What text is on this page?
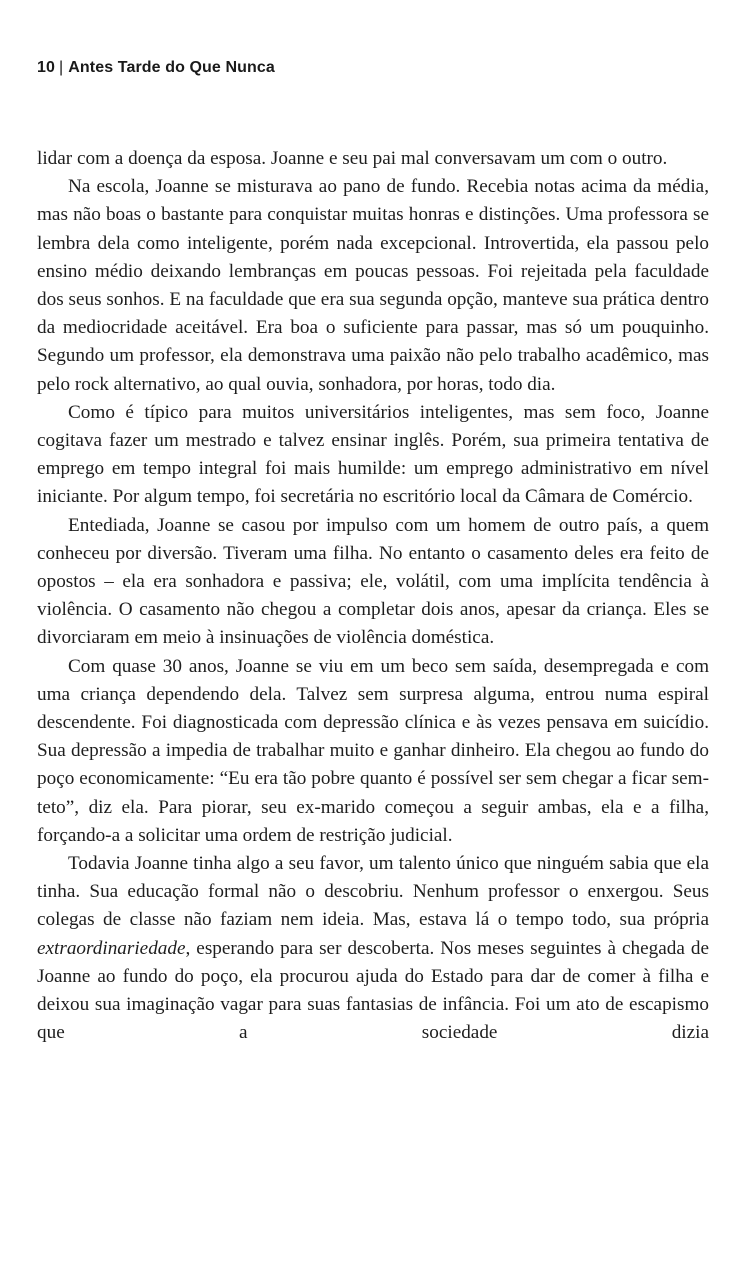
10 | Antes Tarde do Que Nunca

lidar com a doença da esposa. Joanne e seu pai mal conversavam um com o outro.

Na escola, Joanne se misturava ao pano de fundo. Recebia notas acima da média, mas não boas o bastante para conquistar muitas honras e distinções. Uma professora se lembra dela como inteligente, porém nada excepcional. Introvertida, ela passou pelo ensino médio deixando lembranças em poucas pessoas. Foi rejeitada pela faculdade dos seus sonhos. E na faculdade que era sua segunda opção, manteve sua prática dentro da mediocridade aceitável. Era boa o suficiente para passar, mas só um pouquinho. Segundo um professor, ela demonstrava uma paixão não pelo trabalho acadêmico, mas pelo rock alternativo, ao qual ouvia, sonhadora, por horas, todo dia.

Como é típico para muitos universitários inteligentes, mas sem foco, Joanne cogitava fazer um mestrado e talvez ensinar inglês. Porém, sua primeira tentativa de emprego em tempo integral foi mais humilde: um emprego administrativo em nível iniciante. Por algum tempo, foi secretária no escritório local da Câmara de Comércio.

Entediada, Joanne se casou por impulso com um homem de outro país, a quem conheceu por diversão. Tiveram uma filha. No entanto o casamento deles era feito de opostos – ela era sonhadora e passiva; ele, volátil, com uma implícita tendência à violência. O casamento não chegou a completar dois anos, apesar da criança. Eles se divorciaram em meio à insinuações de violência doméstica.

Com quase 30 anos, Joanne se viu em um beco sem saída, desempregada e com uma criança dependendo dela. Talvez sem surpresa alguma, entrou numa espiral descendente. Foi diagnosticada com depressão clínica e às vezes pensava em suicídio. Sua depressão a impedia de trabalhar muito e ganhar dinheiro. Ela chegou ao fundo do poço economicamente: “Eu era tão pobre quanto é possível ser sem chegar a ficar sem-teto”, diz ela. Para piorar, seu ex-marido começou a seguir ambas, ela e a filha, forçando-a a solicitar uma ordem de restrição judicial.

Todavia Joanne tinha algo a seu favor, um talento único que ninguém sabia que ela tinha. Sua educação formal não o descobriu. Nenhum professor o enxergou. Seus colegas de classe não faziam nem ideia. Mas, estava lá o tempo todo, sua própria extraordinariedade, esperando para ser descoberta. Nos meses seguintes à chegada de Joanne ao fundo do poço, ela procurou ajuda do Estado para dar de comer à filha e deixou sua imaginação vagar para suas fantasias de infância. Foi um ato de escapismo que a sociedade dizia
